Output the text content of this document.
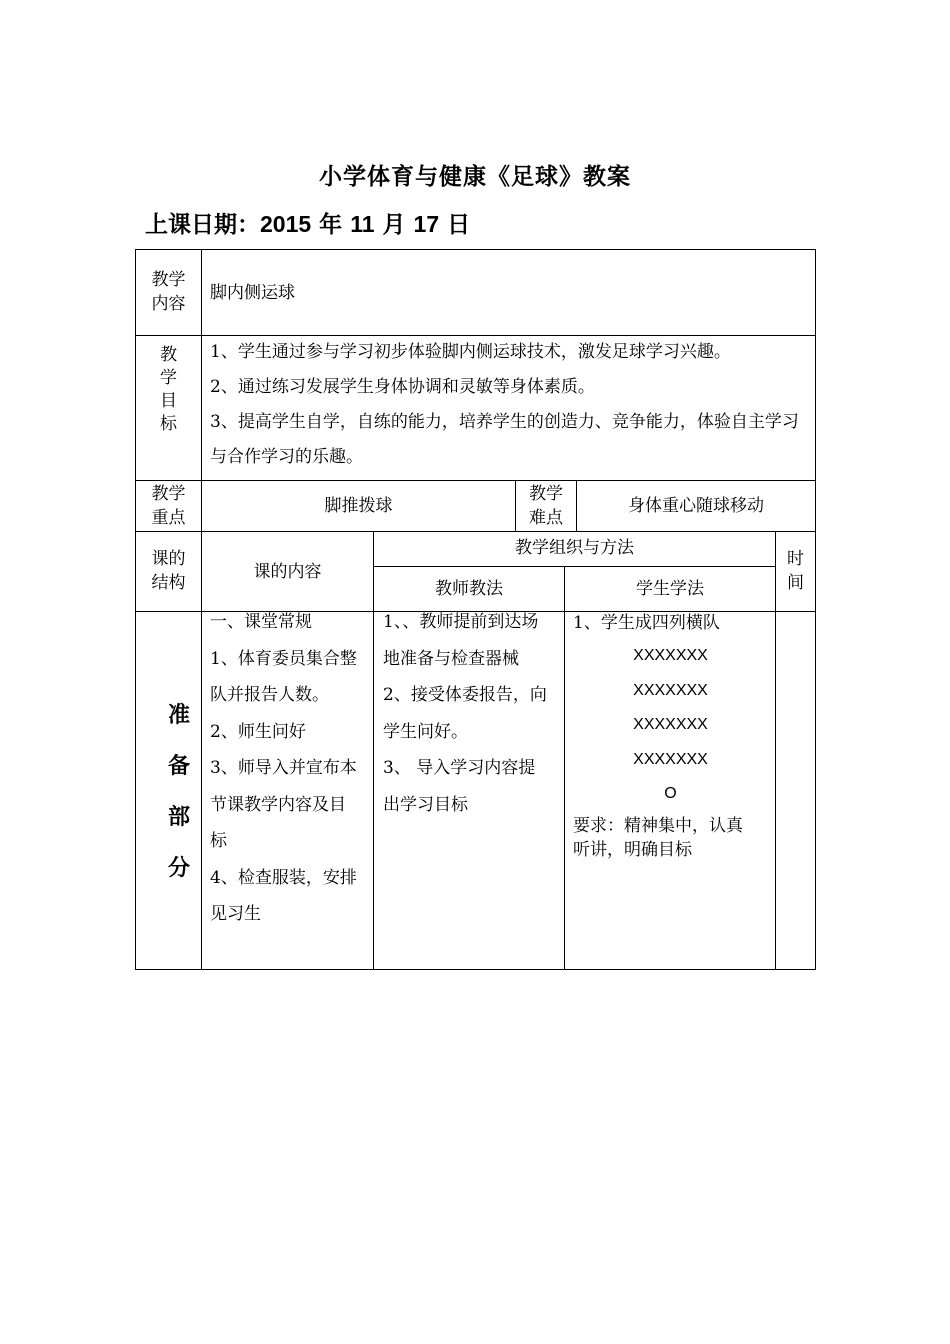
小学体育与健康《足球》教案
上课日期：2015 年 11 月 17 日
教学
内容
脚内侧运球
教
学
目
标
1、学生通过参与学习初步体验脚内侧运球技术，激发足球学习兴趣。
2、通过练习发展学生身体协调和灵敏等身体素质。
3、提高学生自学，自练的能力，培养学生的创造力、竞争能力，体验自主学习与合作学习的乐趣。
教学
重点
脚推拨球
教学
难点
身体重心随球移动
课的
结构
课的内容
教学组织与方法
教师教法	学生学法
时
间
准
备
部
分
一、课堂常规
1、体育委员集合整
队并报告人数。
2、师生问好
3、师导入并宣布本
节课教学内容及目
标
4、检查服装，安排
见习生
1、、教师提前到达场
地准备与检查器械
2、接受体委报告，向
学生问好。
3、 导入学习内容提
出学习目标
1、学生成四列横队
XXXXXXX
XXXXXXX
XXXXXXX
XXXXXXX
O
要求：精神集中，认真
听讲，明确目标
